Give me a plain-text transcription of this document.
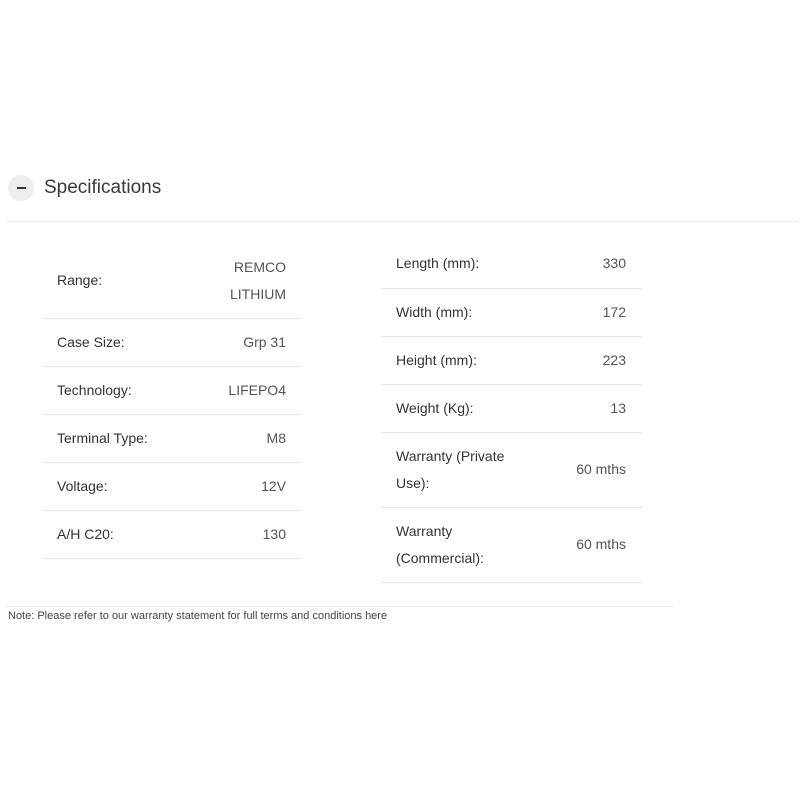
Specifications
Range:	REMCO
LITHIUM
Case Size:	Grp 31
Technology:	LIFEPO4
Terminal Type:	M8
Voltage:	12V
A/H C20:	130
Length (mm):	330
Width (mm):	172
Height (mm):	223
Weight (Kg):	13
Warranty (Private
Use):	60 mths
Warranty
(Commercial):	60 mths
Note: Please refer to our warranty statement for full terms and conditions here
